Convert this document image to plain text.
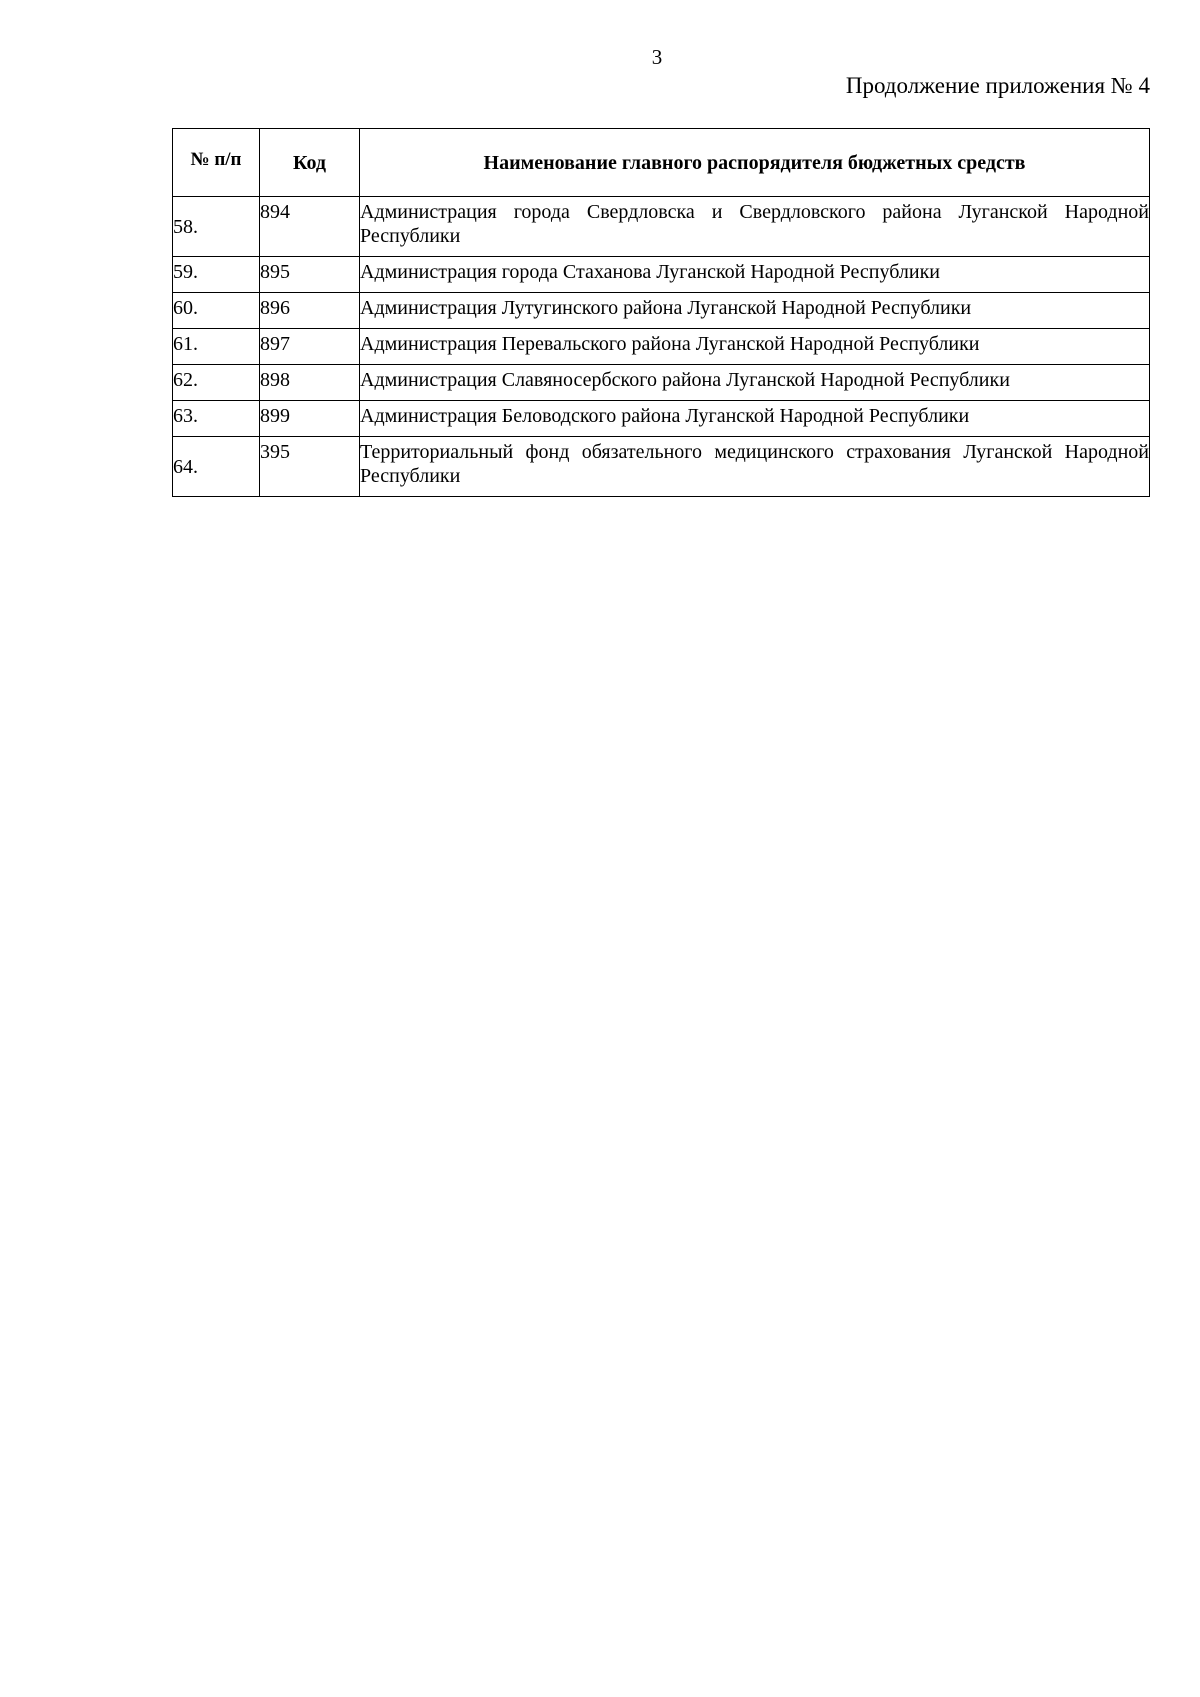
3
Продолжение приложения № 4
№ п/п	Код	Наименование главного распорядителя бюджетных средств
58.	894	Администрация города Свердловска и Свердловского района Луганской Народной Республики
59.	895	Администрация города Стаханова Луганской Народной Республики
60.	896	Администрация Лутугинского района Луганской Народной Республики
61.	897	Администрация Перевальского района Луганской Народной Республики
62.	898	Администрация Славяносербского района Луганской Народной Республики
63.	899	Администрация Беловодского района Луганской Народной Республики
64.	395	Территориальный фонд обязательного медицинского страхования Луганской Народной Республики
